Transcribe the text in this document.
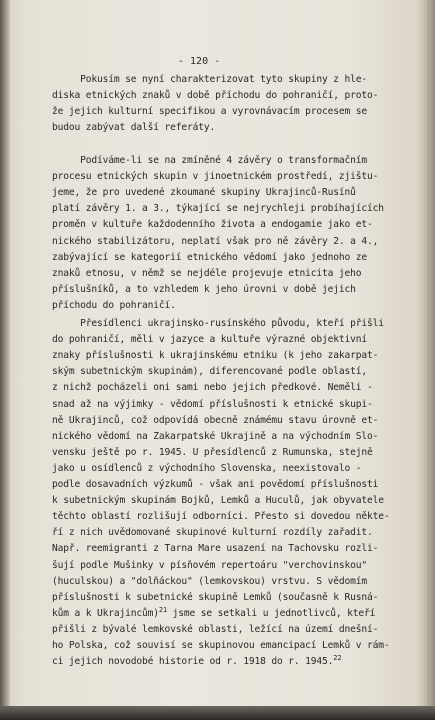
- 120 -
Pokusím se nyní charakterizovat tyto skupiny z hle-
diska etnických znaků v době příchodu do pohraničí, proto-
že jejich kulturní specifikou a vyrovnávacím procesem se
budou zabývat další referáty.
Podíváme-li se na zmíněné 4 závěry o transformačním
procesu etnických skupin v jinoetnickém prostředí, zjištu-
jeme, že pro uvedené zkoumané skupiny Ukrajinců-Rusínů
platí závěry 1. a 3., týkající se nejrychleji probíhajících
proměn v kultuře každodenního života a endogamie jako et-
nického stabilizátoru, neplatí však pro ně závěry 2. a 4.,
zabývající se kategorií etnického vědomí jako jednoho ze
znaků etnosu, v němž se nejdéle projevuje etnicita jeho
příslušníků, a to vzhledem k jeho úrovni v době jejich
příchodu do pohraničí.
Přesídlenci ukrajinsko-rusínského původu, kteří přišli
do pohraničí, měli v jazyce a kultuře výrazné objektivní
znaky příslušnosti k ukrajinskému etniku (k jeho zakarpat-
ským subetnickým skupinám), diferencované podle oblastí,
z nichž pocházeli oni sami nebo jejich předkové. Neměli -
snad až na výjimky - vědomí příslušnosti k etnické skupi-
ně Ukrajinců, což odpovídá obecně známému stavu úrovně et-
nického vědomí na Zakarpatské Ukrajině a na východním Slo-
vensku ještě po r. 1945. U přesídlenců z Rumunska, stejně
jako u osídlenců z východního Slovenska, neexistovalo -
podle dosavadních výzkumů - však ani povědomí příslušnosti
k subetnickým skupinám Bojků, Lemků a Huculů, jak obyvatele
těchto oblastí rozlišují odborníci. Přesto si dovedou někte-
ří z nich uvědomované skupinové kulturní rozdíly zařadit.
Např. reemigranti z Tarna Mare usazení na Tachovsku rozli-
šují podle Mušinky v písňovém repertoáru "verchovinskou"
(huculskou) a "dolňáckou" (lemkovskou) vrstvu. S vědomím
příslušnosti k subetnické skupině Lemků (současně k Rusná-
kům a k Ukrajincům)$^{21}$ jsme se setkali u jednotlivců, kteří
přišli z bývalé lemkovské oblasti, ležící na území dnešní-
ho Polska, což souvisí se skupinovou emancipací Lemků v rám-
ci jejich novodobé historie od r. 1918 do r. 1945.22
